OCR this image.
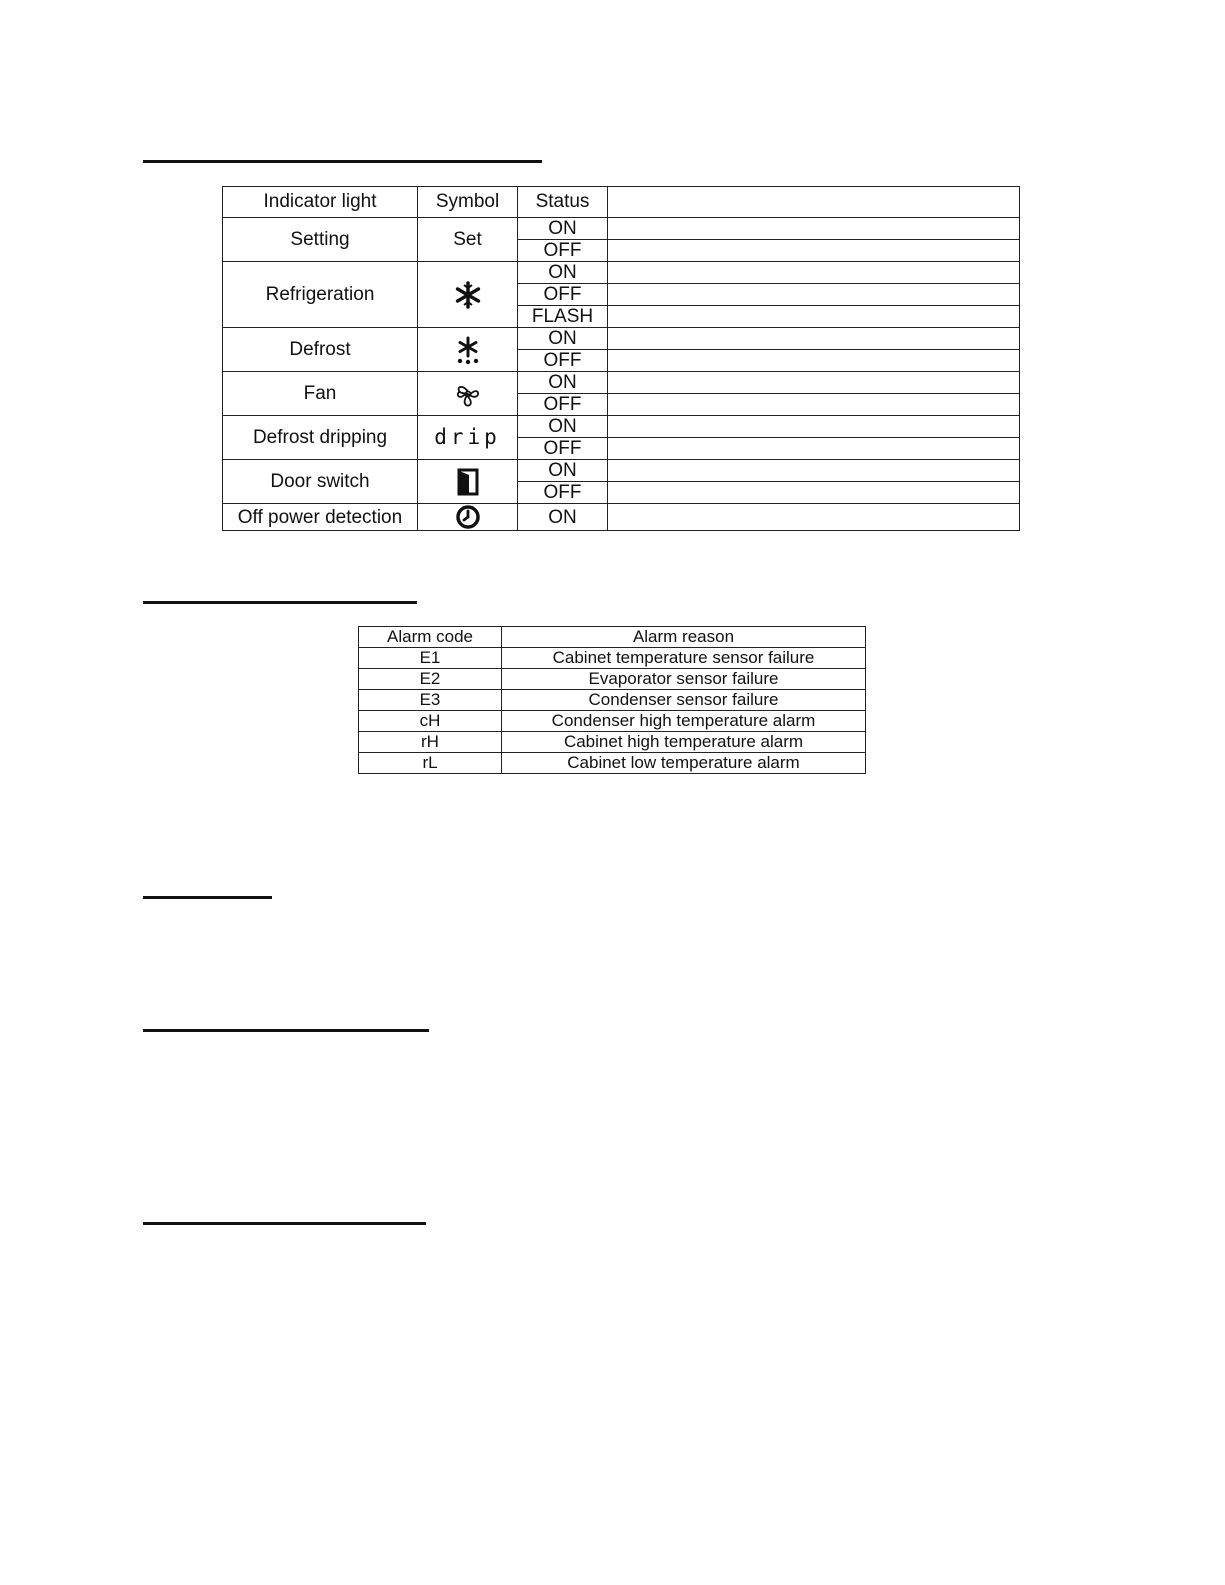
Indicator light	Symbol	Status	
Setting	Set	ON	
		OFF	
Refrigeration		ON	
		OFF	
		FLASH	
Defrost		ON	
		OFF	
Fan		ON	
		OFF	
Defrost dripping	drip	ON	
		OFF	
Door switch		ON	
		OFF	
Off power detection		ON	
Alarm code	Alarm reason
E1	Cabinet temperature sensor failure
E2	Evaporator sensor failure
E3	Condenser sensor failure
cH	Condenser high temperature alarm
rH	Cabinet high temperature alarm
rL	Cabinet low temperature alarm
